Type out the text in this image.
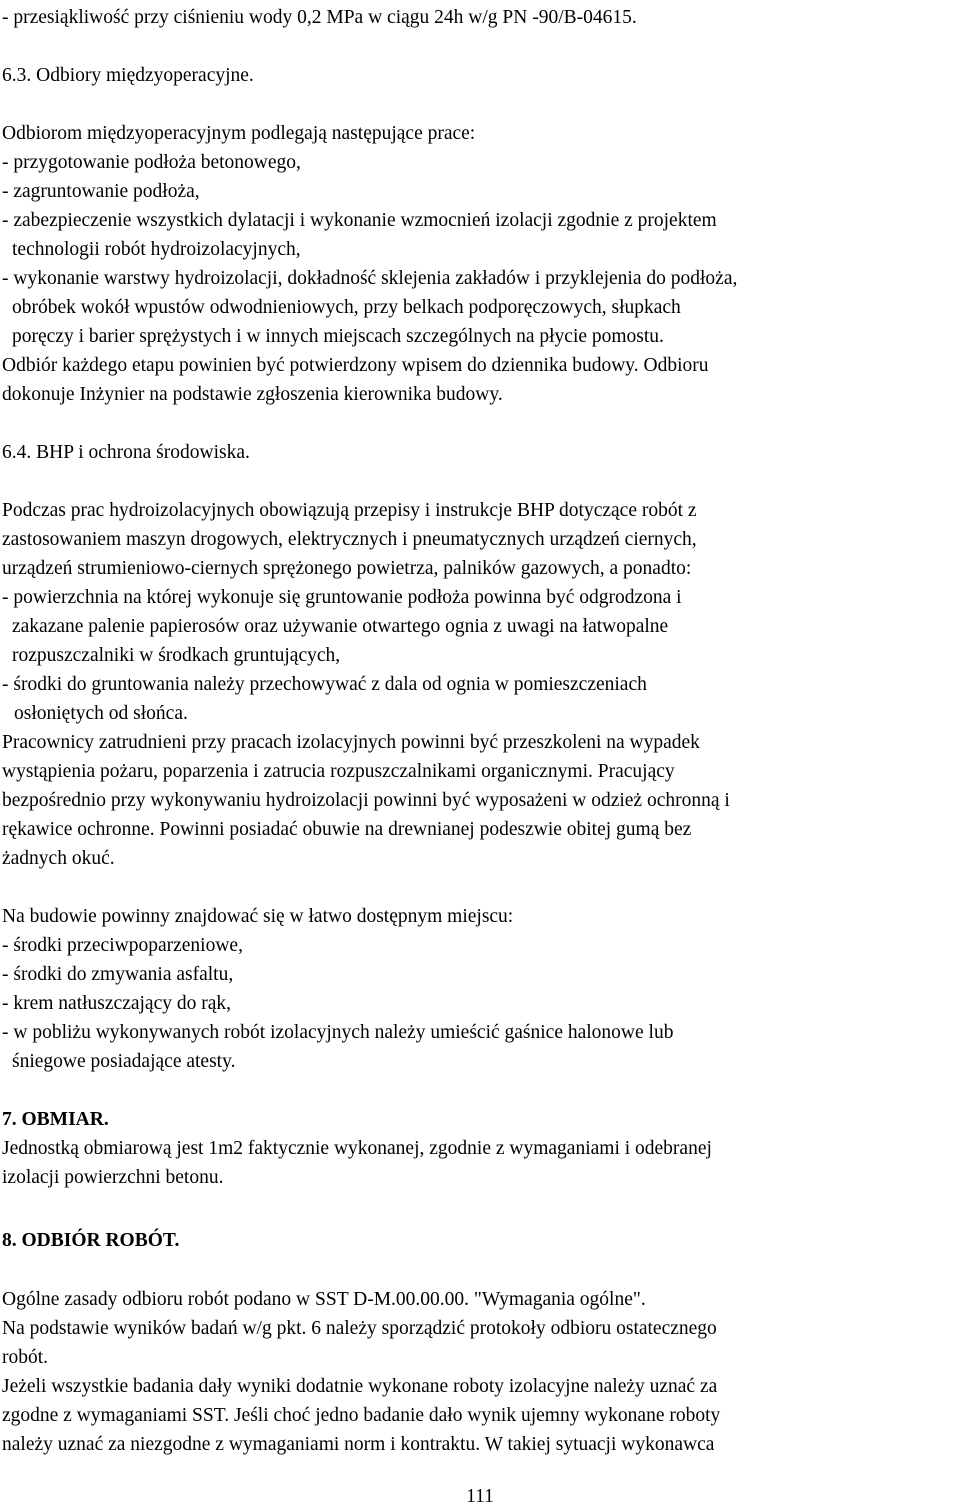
- przesiąkliwość przy ciśnieniu wody 0,2 MPa w ciągu 24h w/g PN -90/B-04615.
6.3. Odbiory międzyoperacyjne.
Odbiorom międzyoperacyjnym podlegają następujące prace:
- przygotowanie podłoża betonowego,
- zagruntowanie podłoża,
- zabezpieczenie wszystkich dylatacji i wykonanie wzmocnień izolacji zgodnie z projektem
technologii robót hydroizolacyjnych,
- wykonanie warstwy hydroizolacji, dokładność sklejenia zakładów i przyklejenia do podłoża,
obróbek wokół wpustów odwodnieniowych, przy belkach podporęczowych, słupkach
poręczy i barier sprężystych i w innych miejscach szczególnych na płycie pomostu.
Odbiór każdego etapu powinien być potwierdzony wpisem do dziennika budowy. Odbioru
dokonuje Inżynier na podstawie zgłoszenia kierownika budowy.
6.4. BHP i ochrona środowiska.
Podczas prac hydroizolacyjnych obowiązują przepisy i instrukcje BHP dotyczące robót z
zastosowaniem maszyn drogowych, elektrycznych i pneumatycznych urządzeń ciernych,
urządzeń strumieniowo-ciernych sprężonego powietrza, palników gazowych, a ponadto:
- powierzchnia na której wykonuje się gruntowanie podłoża powinna być odgrodzona i
zakazane palenie papierosów oraz używanie otwartego ognia z uwagi na łatwopalne
rozpuszczalniki w środkach gruntujących,
- środki do gruntowania należy przechowywać z dala od ognia w pomieszczeniach
osłoniętych od słońca.
Pracownicy zatrudnieni przy pracach izolacyjnych powinni być przeszkoleni na wypadek
wystąpienia pożaru, poparzenia i zatrucia rozpuszczalnikami organicznymi. Pracujący
bezpośrednio przy wykonywaniu hydroizolacji powinni być wyposażeni w odzież ochronną i
rękawice ochronne. Powinni posiadać obuwie na drewnianej podeszwie obitej gumą bez
żadnych okuć.
Na budowie powinny znajdować się w łatwo dostępnym miejscu:
- środki przeciwpoparzeniowe,
- środki do zmywania asfaltu,
- krem natłuszczający do rąk,
- w pobliżu wykonywanych robót izolacyjnych należy umieścić gaśnice halonowe lub
śniegowe posiadające atesty.
7. OBMIAR.
Jednostką obmiarową jest 1m2 faktycznie wykonanej, zgodnie z wymaganiami i odebranej
izolacji powierzchni betonu.
8. ODBIÓR ROBÓT.
Ogólne zasady odbioru robót podano w SST D-M.00.00.00. "Wymagania ogólne".
Na podstawie wyników badań w/g pkt. 6 należy sporządzić protokoły odbioru ostatecznego
robót.
Jeżeli wszystkie badania dały wyniki dodatnie wykonane roboty izolacyjne należy uznać za
zgodne z wymaganiami SST. Jeśli choć jedno badanie dało wynik ujemny wykonane roboty
należy uznać za niezgodne z wymaganiami norm i kontraktu. W takiej sytuacji wykonawca
111
